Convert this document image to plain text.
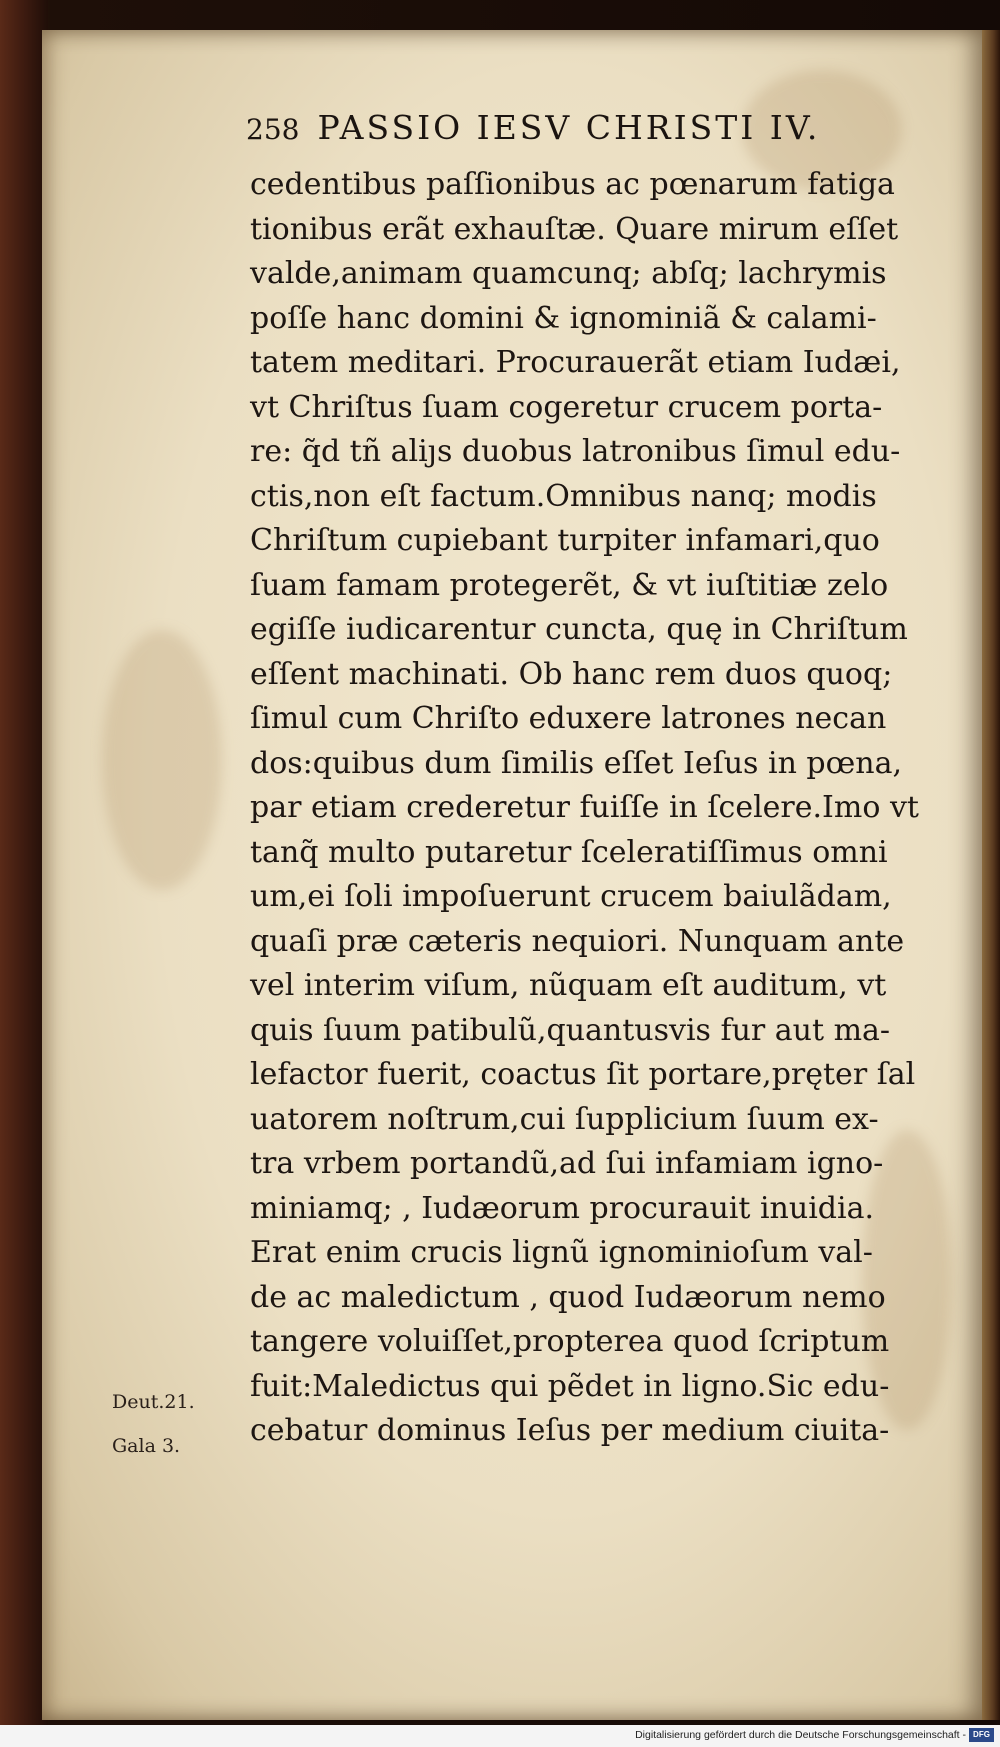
258 PASSIO IESV CHRISTI IV.
cedentibus paſſionibus ac pœnarum fatiga
tionibus erãt exhauſtæ. Quare mirum eſſet
valde,animam quamcunq; abſq; lachrymis
poſſe hanc domini & ignominiã & calami-
tatem meditari. Procurauerãt etiam Iudæi,
vt Chriſtus ſuam cogeretur crucem porta-
re: q̃d tñ aliȷs duobus latronibus ſimul edu-
ctis,non eſt factum.Omnibus nanq; modis
Chriſtum cupiebant turpiter infamari,quo
ſuam famam protegerẽt, & vt iuſtitiæ zelo
egiſſe iudicarentur cuncta, quę in Chriſtum
eſſent machinati. Ob hanc rem duos quoq;
ſimul cum Chriſto eduxere latrones necan
dos:quibus dum ſimilis eſſet Ieſus in pœna,
par etiam crederetur fuiſſe in ſcelere.Imo vt
tanq̃ multo putaretur ſceleratiſſimus omni
um,ei ſoli impoſuerunt crucem baiulãdam,
quaſi præ cæteris nequiori. Nunquam ante
vel interim viſum, nũquam eſt auditum, vt
quis ſuum patibulũ,quantusvis fur aut ma-
lefactor fuerit, coactus ſit portare,pręter ſal
uatorem noſtrum,cui ſupplicium ſuum ex-
tra vrbem portandũ,ad ſui infamiam igno-
miniamq; , Iudæorum procurauit inuidia.
Erat enim crucis lignũ ignominioſum val-
de ac maledictum , quod Iudæorum nemo
tangere voluiſſet,propterea quod ſcriptum
fuit:Maledictus qui pẽdet in ligno.Sic edu-
cebatur dominus Ieſus per medium ciuita-
Deut.21.
Gala 3.
Digitalisierung gefördert durch die Deutsche Forschungsgemeinschaft - DFG
